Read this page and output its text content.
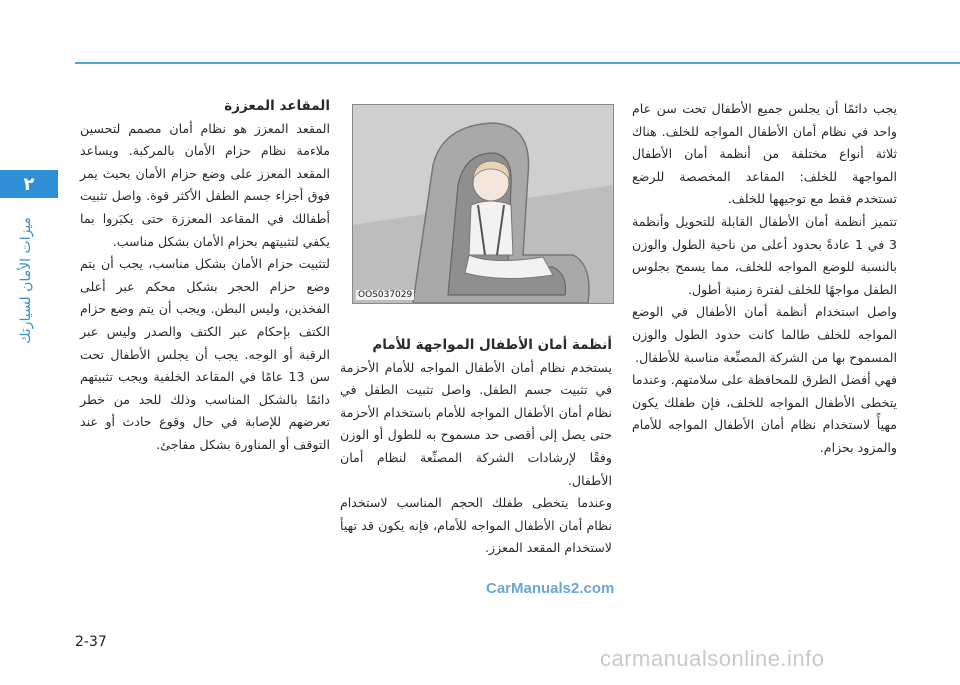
٢
ميزات الأمان لسيارتك

يجب دائمًا أن يجلس جميع الأطفال تحت سن عام واحد في نظام أمان الأطفال المواجه للخلف. هناك ثلاثة أنواع مختلفة من أنظمة أمان الأطفال المواجهة للخلف: المقاعد المخصصة للرضع تستخدم فقط مع توجيهها للخلف.

تتميز أنظمة أمان الأطفال القابلة للتحويل وأنظمة 3 في 1 عادةً بحدود أعلى من ناحية الطول والوزن بالنسبة للوضع المواجه للخلف، مما يسمح بجلوس الطفل مواجهًا للخلف لفترة زمنية أطول.

واصل استخدام أنظمة أمان الأطفال في الوضع المواجه للخلف طالما كانت حدود الطول والوزن المسموح بها من الشركة المصنِّعة مناسبة للأطفال.

فهي أفضل الطرق للمحافظة على سلامتهم. وعندما يتخطى الأطفال المواجه للخلف، فإن طفلك يكون مهيأً لاستخدام نظام أمان الأطفال المواجه للأمام والمزود بحزام.

OOS037029

أنظمة أمان الأطفال المواجهة للأمام

يستخدم نظام أمان الأطفال المواجه للأمام الأحزمة في تثبيت جسم الطفل. واصل تثبيت الطفل في نظام أمان الأطفال المواجه للأمام باستخدام الأحزمة حتى يصل إلى أقصى حد مسموح به للطول أو الوزن وفقًا لإرشادات الشركة المصنِّعة لنظام أمان الأطفال.

وعندما يتخطى طفلك الحجم المناسب لاستخدام نظام أمان الأطفال المواجه للأمام، فإنه يكون قد تهيأ لاستخدام المقعد المعزز.

المقاعد المعززة

المقعد المعزز هو نظام أمان مصمم لتحسين ملاءمة نظام حزام الأمان بالمركبة. ويساعد المقعد المعزز على وضع حزام الأمان بحيث يمر فوق أجزاء جسم الطفل الأكثر قوة. واصل تثبيت أطفالك في المقاعد المعززة حتى يكبَروا بما يكفي لتثبيتهم بحزام الأمان بشكل مناسب.

لتثبيت حزام الأمان بشكل مناسب، يجب أن يتم وضع حزام الحجر بشكل محكم عبر أعلى الفخذين، وليس البطن. ويجب أن يتم وضع حزام الكتف بإحكام عبر الكتف والصدر وليس عبر الرقبة أو الوجه. يجب أن يجلس الأطفال تحت سن 13 عامًا في المقاعد الخلفية ويجب تثبيتهم دائمًا بالشكل المناسب وذلك للحد من خطر تعرضهم للإصابة في حال وقوع حادث أو عند التوقف أو المناورة بشكل مفاجئ.

CarManuals2.com
2-37
carmanualsonline.info
